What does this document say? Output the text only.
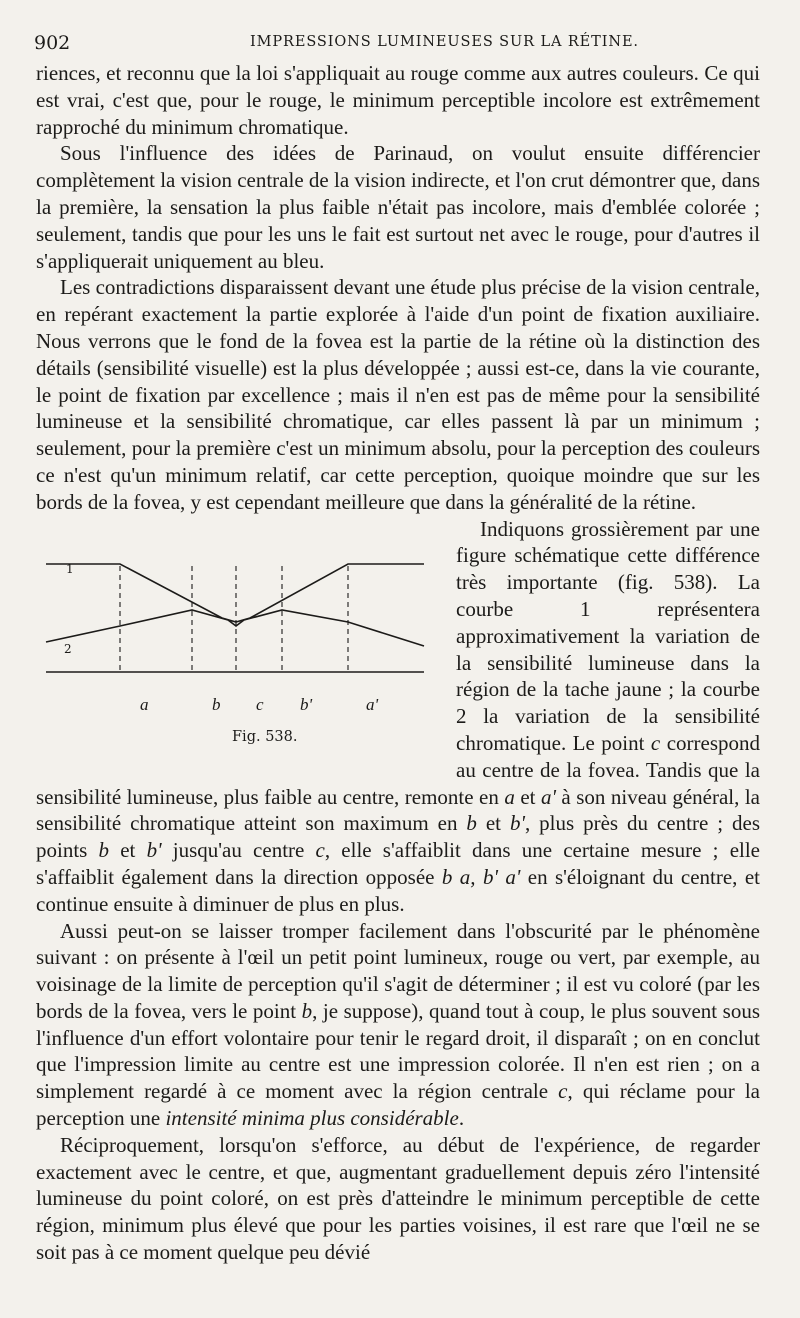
902	IMPRESSIONS LUMINEUSES SUR LA RÉTINE.

riences, et reconnu que la loi s'appliquait au rouge comme aux autres couleurs. Ce qui est vrai, c'est que, pour le rouge, le minimum perceptible incolore est extrêmement rapproché du minimum chromatique.

Sous l'influence des idées de Parinaud, on voulut ensuite différencier complètement la vision centrale de la vision indirecte, et l'on crut démontrer que, dans la première, la sensation la plus faible n'était pas incolore, mais d'emblée colorée ; seulement, tandis que pour les uns le fait est surtout net avec le rouge, pour d'autres il s'appliquerait uniquement au bleu.

Les contradictions disparaissent devant une étude plus précise de la vision centrale, en repérant exactement la partie explorée à l'aide d'un point de fixation auxiliaire. Nous verrons que le fond de la fovea est la partie de la rétine où la distinction des détails (sensibilité visuelle) est la plus développée ; aussi est-ce, dans la vie courante, le point de fixation par excellence ; mais il n'en est pas de même pour la sensibilité lumineuse et la sensibilité chromatique, car elles passent là par un minimum ; seulement, pour la première c'est un minimum absolu, pour la perception des couleurs ce n'est qu'un minimum relatif, car cette perception, quoique moindre que sur les bords de la fovea, y est cependant meilleure que dans la généralité de la rétine.

1
2
a	b	c	b'	a'
Fig. 538.
Indiquons grossièrement par une figure schématique cette différence très importante (fig. 538). La courbe 1 représentera approximativement la variation de la sensibilité lumineuse dans la région de la tache jaune ; la courbe 2 la variation de la sensibilité chromatique. Le point c correspond au centre de la fovea. Tandis que la sensibilité lumineuse, plus faible au centre, remonte en a et a' à son niveau général, la sensibilité chromatique atteint son maximum en b et b', plus près du centre ; des points b et b' jusqu'au centre c, elle s'affaiblit dans une certaine mesure ; elle s'affaiblit également dans la direction opposée b a, b' a' en s'éloignant du centre, et continue ensuite à diminuer de plus en plus.

Aussi peut-on se laisser tromper facilement dans l'obscurité par le phénomène suivant : on présente à l'œil un petit point lumineux, rouge ou vert, par exemple, au voisinage de la limite de perception qu'il s'agit de déterminer ; il est vu coloré (par les bords de la fovea, vers le point b, je suppose), quand tout à coup, le plus souvent sous l'influence d'un effort volontaire pour tenir le regard droit, il disparaît ; on en conclut que l'impression limite au centre est une impression colorée. Il n'en est rien ; on a simplement regardé à ce moment avec la région centrale c, qui réclame pour la perception une intensité minima plus considérable.

Réciproquement, lorsqu'on s'efforce, au début de l'expérience, de regarder exactement avec le centre, et que, augmentant graduellement depuis zéro l'intensité lumineuse du point coloré, on est près d'atteindre le minimum perceptible de cette région, minimum plus élevé que pour les parties voisines, il est rare que l'œil ne se soit pas à ce moment quelque peu dévié
